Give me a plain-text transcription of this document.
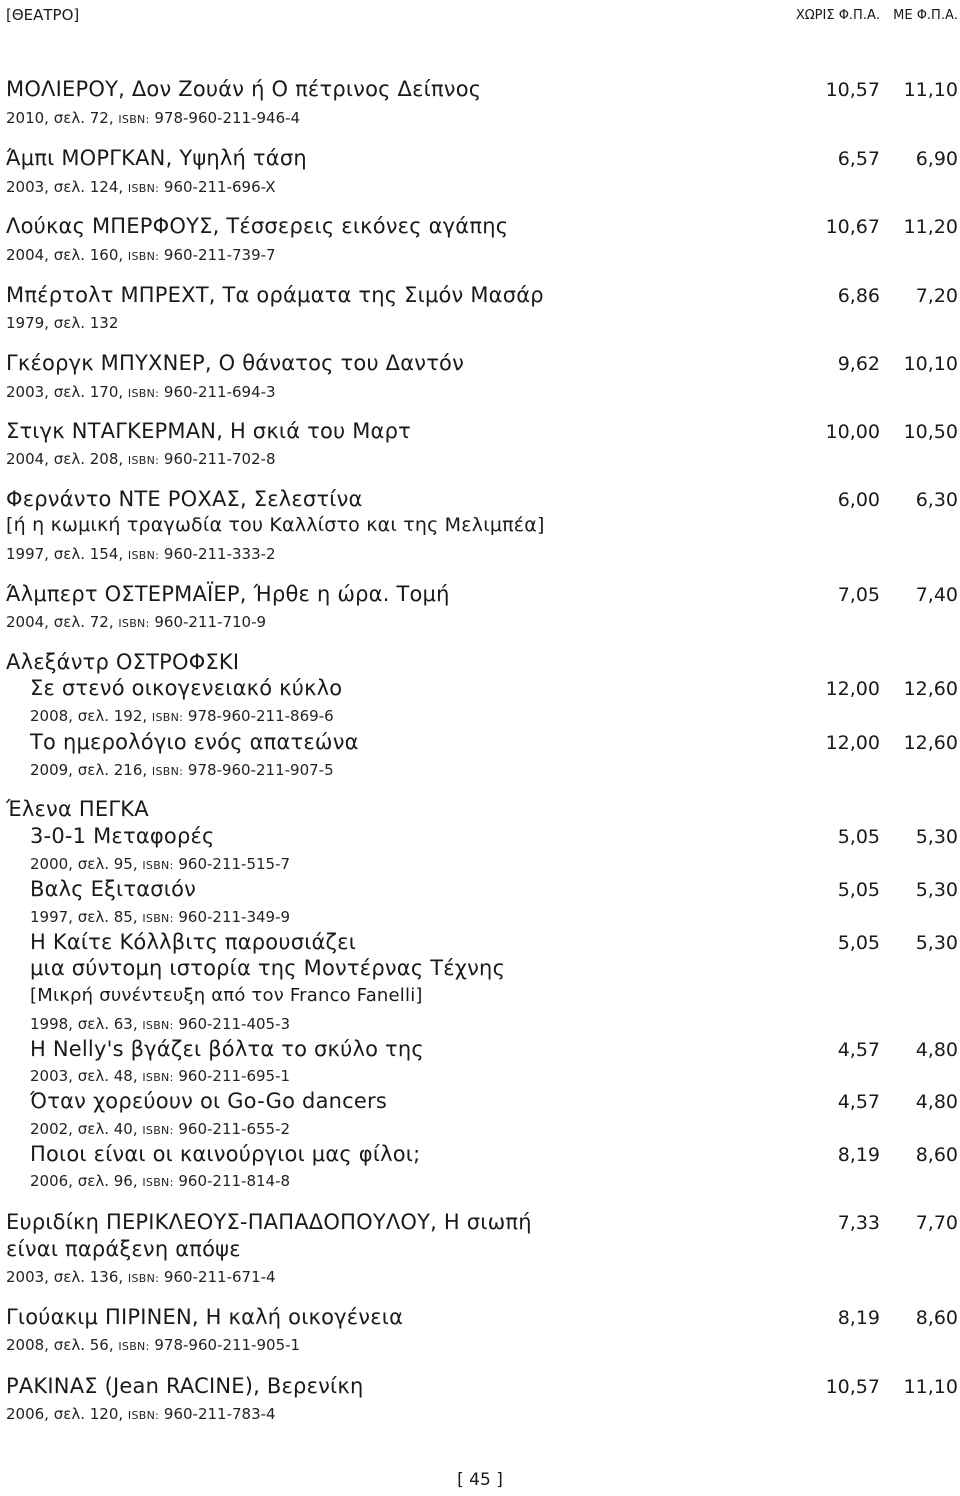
[ΘΕΑΤΡΟ]	ΧΩΡΙΣ Φ.Π.Α. ΜΕ Φ.Π.Α.
ΜΟΛΙΕΡΟΥ, Δον Ζουάν ή Ο πέτρινος Δείπνος	10,57 11,10
2010, σελ. 72, ISBN: 978-960-211-946-4
Άμπι ΜΟΡΓΚΑΝ, Υψηλή τάση	6,57 6,90
2003, σελ. 124, ISBN: 960-211-696-X
Λούκας ΜΠΕΡΦΟΥΣ, Τέσσερεις εικόνες αγάπης	10,67 11,20
2004, σελ. 160, ISBN: 960-211-739-7
Μπέρτολτ ΜΠΡΕΧΤ, Τα οράματα της Σιμόν Μασάρ	6,86 7,20
1979, σελ. 132
Γκέοργκ ΜΠΥΧΝΕΡ, Ο θάνατος του Δαντόν	9,62 10,10
2003, σελ. 170, ISBN: 960-211-694-3
Στιγκ ΝΤΑΓΚΕΡΜΑΝ, Η σκιά του Μαρτ	10,00 10,50
2004, σελ. 208, ISBN: 960-211-702-8
Φερνάντο ΝΤΕ ΡΟΧΑΣ, Σελεστίνα	6,00 6,30
[ή η κωμική τραγωδία του Καλλίστο και της Μελιμπέα]
1997, σελ. 154, ISBN: 960-211-333-2
Άλμπερτ ΟΣΤΕΡΜΑΪΕΡ, Ήρθε η ώρα. Τομή	7,05 7,40
2004, σελ. 72, ISBN: 960-211-710-9
Αλεξάντρ ΟΣΤΡΟΦΣΚΙ
Σε στενό οικογενειακό κύκλο	12,00 12,60
2008, σελ. 192, ISBN: 978-960-211-869-6
Το ημερολόγιο ενός απατεώνα	12,00 12,60
2009, σελ. 216, ISBN: 978-960-211-907-5
Έλενα ΠΕΓΚΑ
3-0-1 Μεταφορές	5,05 5,30
2000, σελ. 95, ISBN: 960-211-515-7
Βαλς Εξιτασιόν	5,05 5,30
1997, σελ. 85, ISBN: 960-211-349-9
Η Καίτε Κόλλβιτς παρουσιάζει	5,05 5,30
μια σύντομη ιστορία της Μοντέρνας Τέχνης
[Μικρή συνέντευξη από τον Franco Fanelli]
1998, σελ. 63, ISBN: 960-211-405-3
Η Nelly's βγάζει βόλτα το σκύλο της	4,57 4,80
2003, σελ. 48, ISBN: 960-211-695-1
Όταν χορεύουν οι Go-Go dancers	4,57 4,80
2002, σελ. 40, ISBN: 960-211-655-2
Ποιοι είναι οι καινούργιοι μας φίλοι;	8,19 8,60
2006, σελ. 96, ISBN: 960-211-814-8
Ευριδίκη ΠΕΡΙΚΛΕΟΥΣ-ΠΑΠΑΔΟΠΟΥΛΟΥ, Η σιωπή	7,33 7,70
είναι παράξενη απόψε
2003, σελ. 136, ISBN: 960-211-671-4
Γιούακιμ ΠΙΡΙΝΕΝ, Η καλή οικογένεια	8,19 8,60
2008, σελ. 56, ISBN: 978-960-211-905-1
ΡΑΚΙΝΑΣ (Jean RACINE), Βερενίκη	10,57 11,10
2006, σελ. 120, ISBN: 960-211-783-4
[ 45 ]
